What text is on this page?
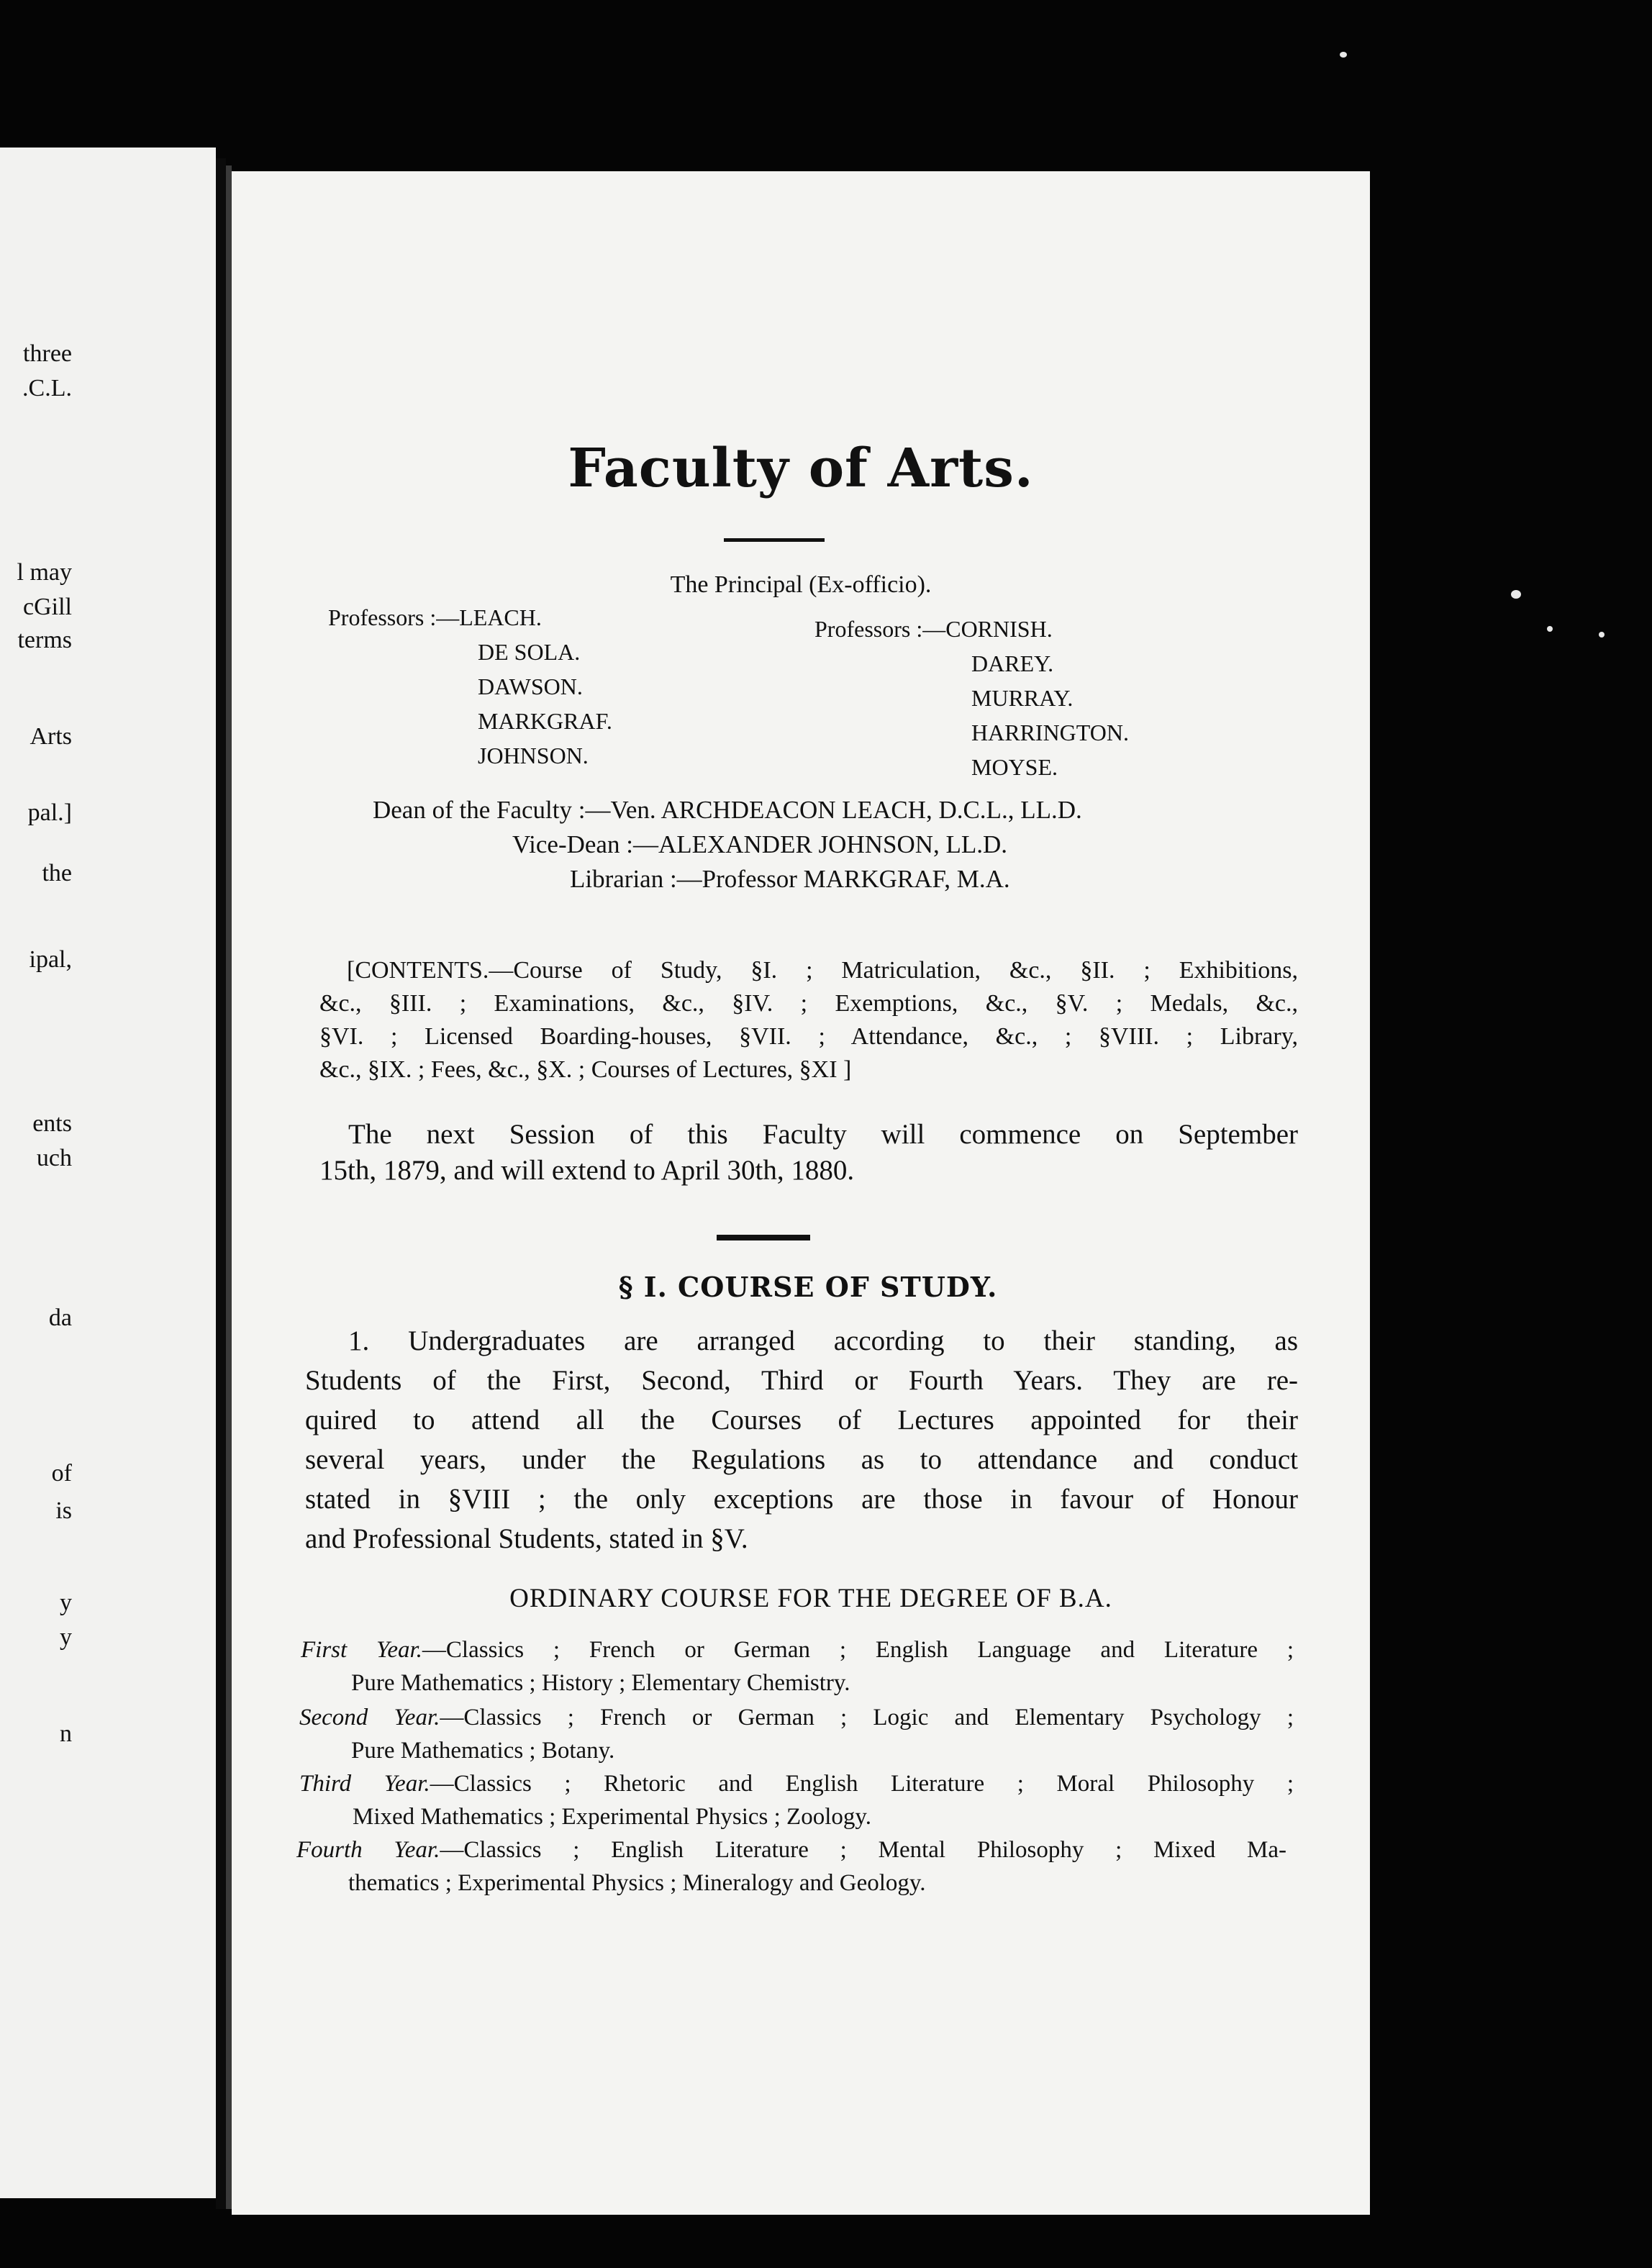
three
.C.L.
l may
cGill
terms
Arts
pal.]
the
ipal,
ents
uch
da
of
is
y
y
n
Faculty of Arts.
The Principal (Ex-officio).
Professors :—LEACH.
DE SOLA.
DAWSON.
MARKGRAF.
JOHNSON.
Professors :—CORNISH.
DAREY.
MURRAY.
HARRINGTON.
MOYSE.
Dean of the Faculty :—Ven. ARCHDEACON LEACH, D.C.L., LL.D.
Vice-Dean :—ALEXANDER JOHNSON, LL.D.
Librarian :—Professor MARKGRAF, M.A.
[CONTENTS.—Course of Study, §I. ; Matriculation, &c., §II. ; Exhibitions,
&c., §III. ; Examinations, &c., §IV. ; Exemptions, &c., §V. ; Medals, &c.,
§VI. ; Licensed Boarding-houses, §VII. ; Attendance, &c., ; §VIII. ; Library,
&c., §IX. ; Fees, &c., §X. ; Courses of Lectures, §XI ]
The next Session of this Faculty will commence on September
15th, 1879, and will extend to April 30th, 1880.
§ I. COURSE OF STUDY.
1. Undergraduates are arranged according to their standing, as
Students of the First, Second, Third or Fourth Years. They are re-
quired to attend all the Courses of Lectures appointed for their
several years, under the Regulations as to attendance and conduct
stated in §VIII ; the only exceptions are those in favour of Honour
and Professional Students, stated in §V.
ORDINARY COURSE FOR THE DEGREE OF B.A.
First Year.—Classics ; French or German ; English Language and Literature ;
Pure Mathematics ; History ; Elementary Chemistry.
Second Year.—Classics ; French or German ; Logic and Elementary Psychology ;
Pure Mathematics ; Botany.
Third Year.—Classics ; Rhetoric and English Literature ; Moral Philosophy ;
Mixed Mathematics ; Experimental Physics ; Zoology.
Fourth Year.—Classics ; English Literature ; Mental Philosophy ; Mixed Ma-
thematics ; Experimental Physics ; Mineralogy and Geology.
